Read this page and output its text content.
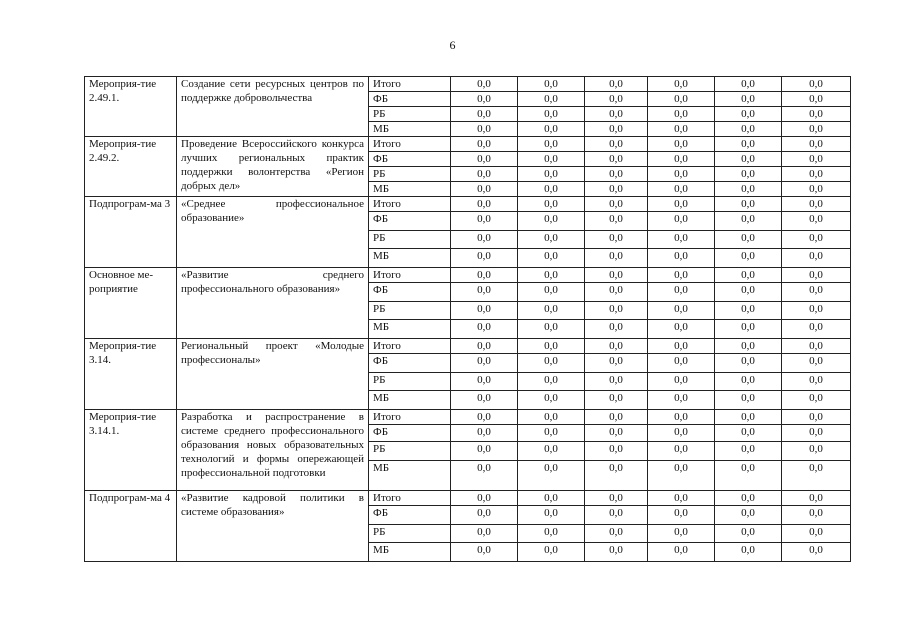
6
Мероприя-тие 2.49.1.	Создание сети ресурсных центров по поддержке добровольчества	Итого	0,0	0,0	0,0	0,0	0,0	0,0
		ФБ	0,0	0,0	0,0	0,0	0,0	0,0
		РБ	0,0	0,0	0,0	0,0	0,0	0,0
		МБ	0,0	0,0	0,0	0,0	0,0	0,0
Мероприя-тие 2.49.2.	Проведение Всероссийского конкурса лучших региональных практик поддержки волонтерства «Регион добрых дел»	Итого	0,0	0,0	0,0	0,0	0,0	0,0
		ФБ	0,0	0,0	0,0	0,0	0,0	0,0
		РБ	0,0	0,0	0,0	0,0	0,0	0,0
		МБ	0,0	0,0	0,0	0,0	0,0	0,0
Подпрограм-ма 3	«Среднее профессиональное образование»	Итого	0,0	0,0	0,0	0,0	0,0	0,0
		ФБ	0,0	0,0	0,0	0,0	0,0	0,0
		РБ	0,0	0,0	0,0	0,0	0,0	0,0
		МБ	0,0	0,0	0,0	0,0	0,0	0,0
Основное ме-роприятие	«Развитие среднего профессионального образования»	Итого	0,0	0,0	0,0	0,0	0,0	0,0
		ФБ	0,0	0,0	0,0	0,0	0,0	0,0
		РБ	0,0	0,0	0,0	0,0	0,0	0,0
		МБ	0,0	0,0	0,0	0,0	0,0	0,0
Мероприя-тие 3.14.	Региональный проект «Молодые профессионалы»	Итого	0,0	0,0	0,0	0,0	0,0	0,0
		ФБ	0,0	0,0	0,0	0,0	0,0	0,0
		РБ	0,0	0,0	0,0	0,0	0,0	0,0
		МБ	0,0	0,0	0,0	0,0	0,0	0,0
Мероприя-тие 3.14.1.	Разработка и распространение в системе среднего профессионального образования новых образовательных технологий и формы опережающей профессиональной подготовки	Итого	0,0	0,0	0,0	0,0	0,0	0,0
		ФБ	0,0	0,0	0,0	0,0	0,0	0,0
		РБ	0,0	0,0	0,0	0,0	0,0	0,0
		МБ	0,0	0,0	0,0	0,0	0,0	0,0
Подпрограм-ма 4	«Развитие кадровой политики в системе образования»	Итого	0,0	0,0	0,0	0,0	0,0	0,0
		ФБ	0,0	0,0	0,0	0,0	0,0	0,0
		РБ	0,0	0,0	0,0	0,0	0,0	0,0
		МБ	0,0	0,0	0,0	0,0	0,0	0,0
